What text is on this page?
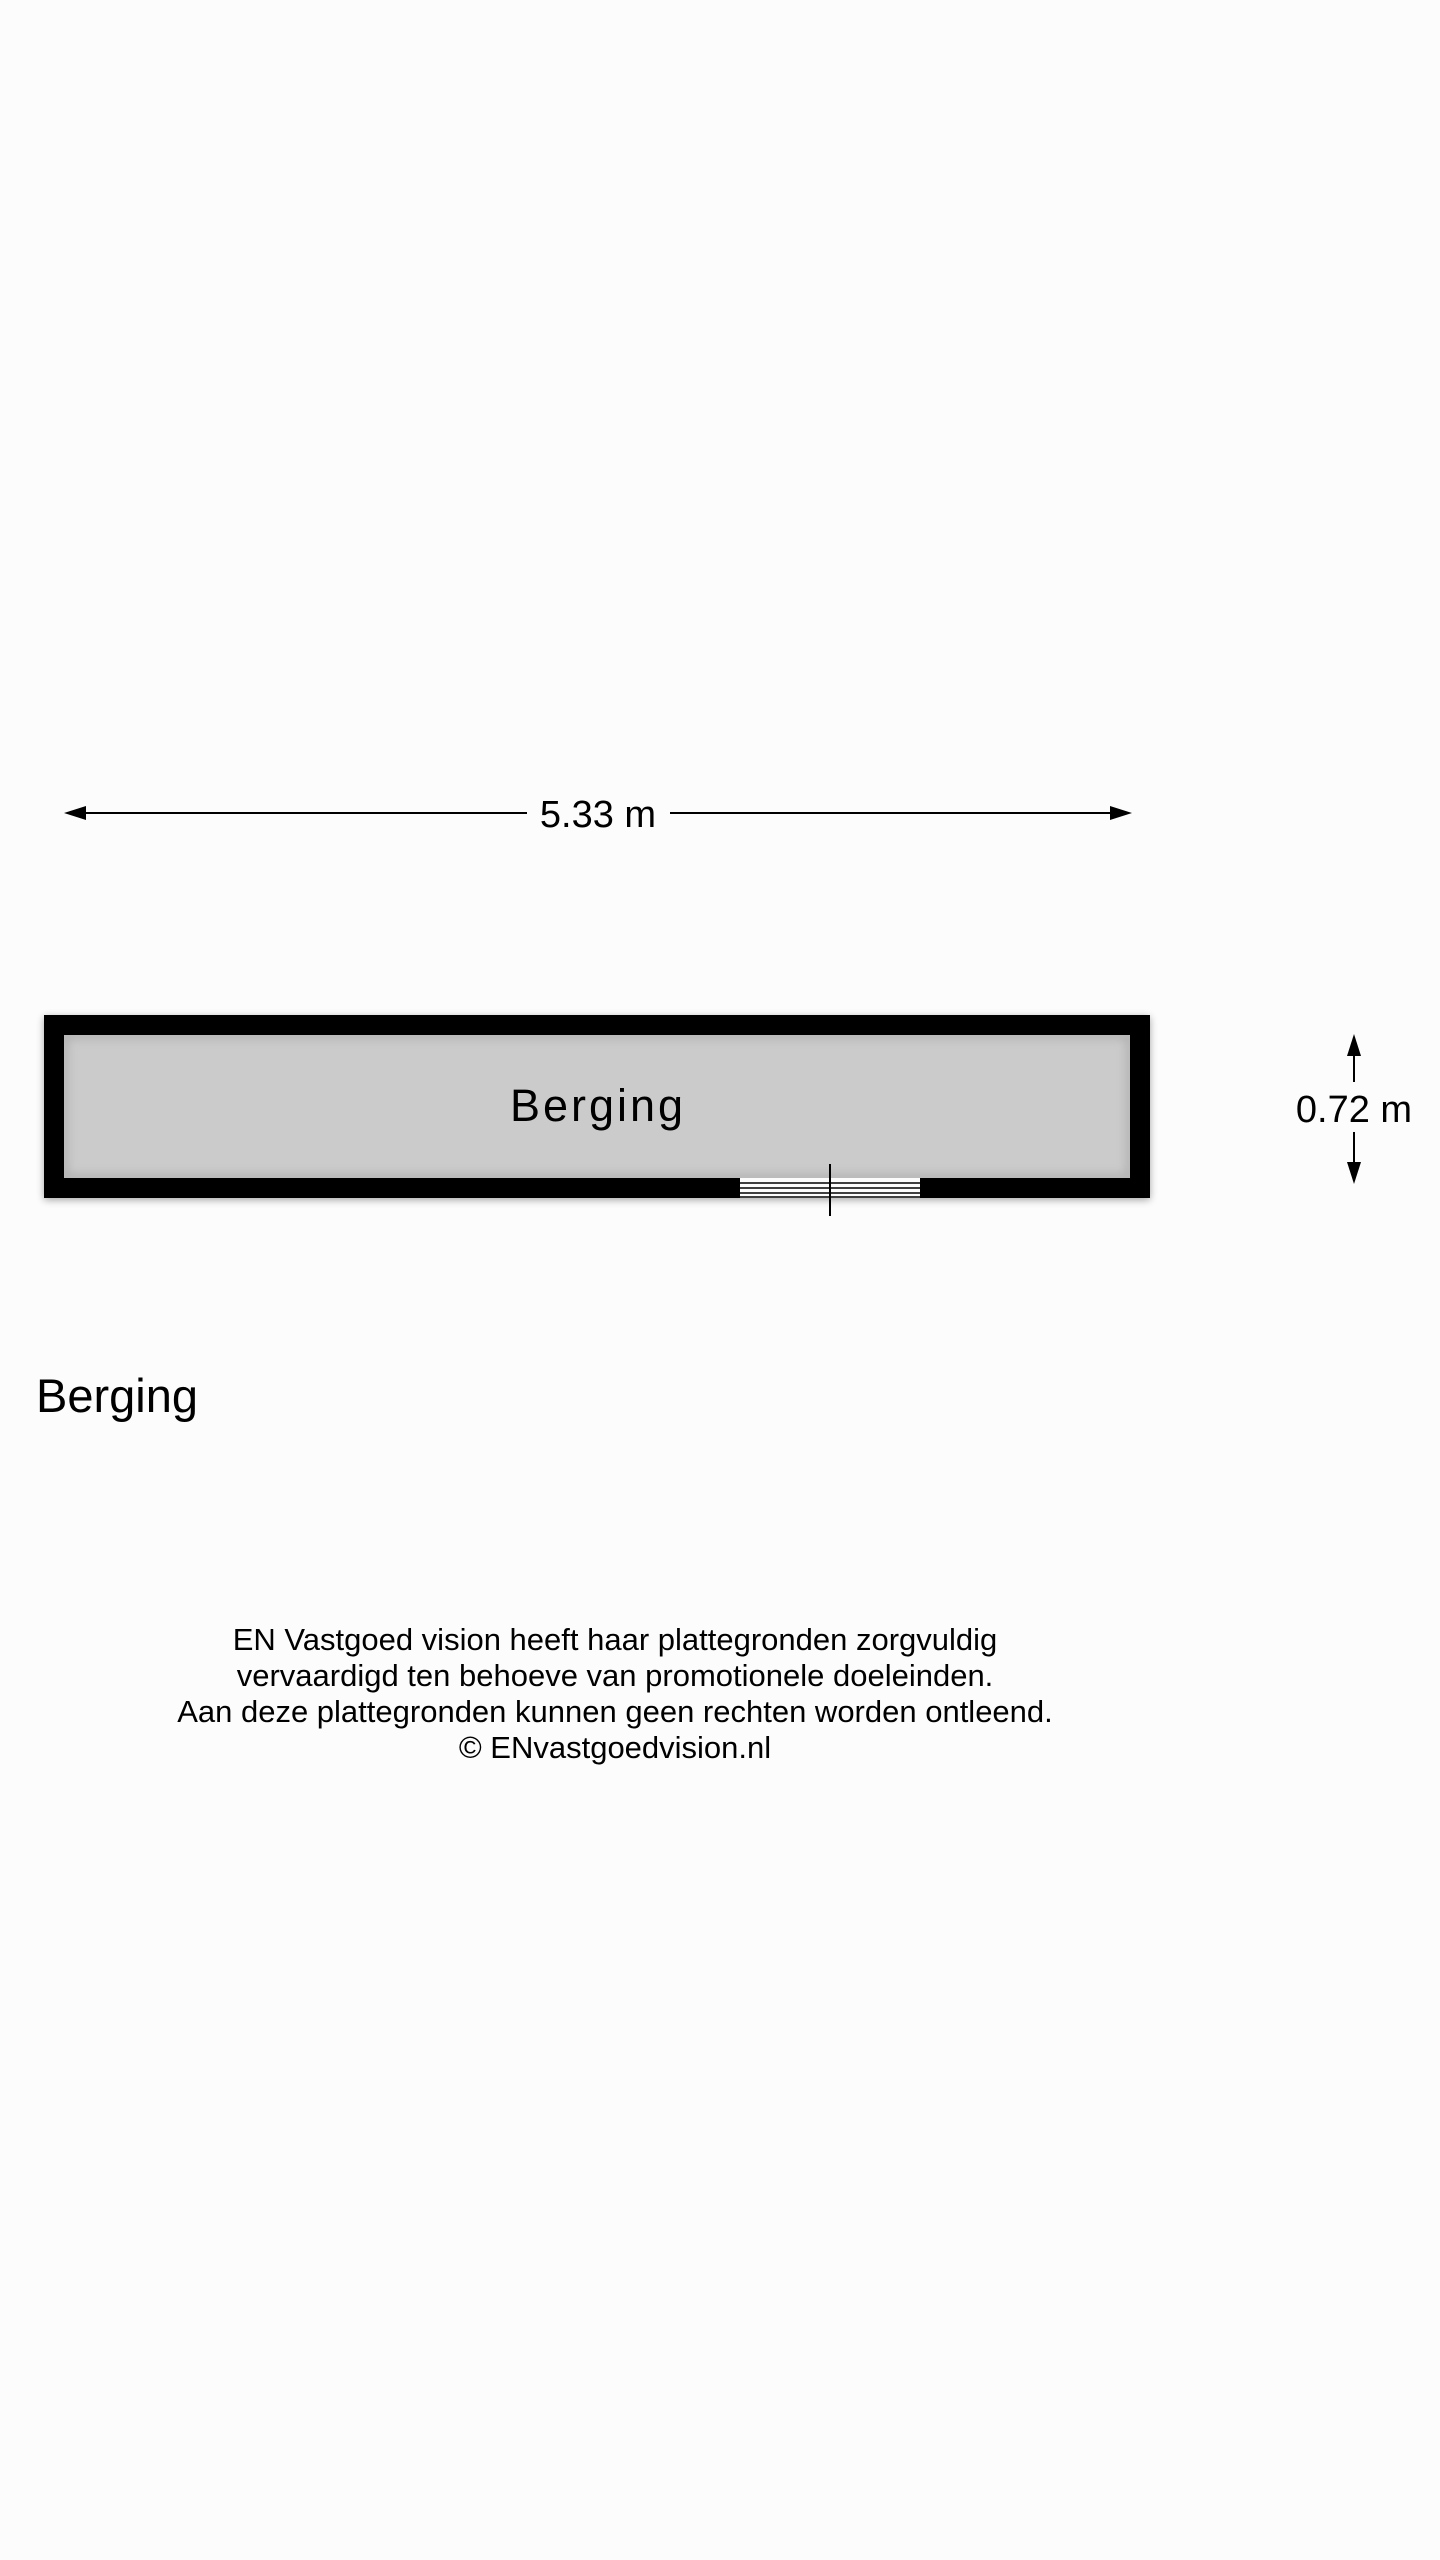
5.33 m
Berging	0.72 m
Berging
EN Vastgoed vision heeft haar plattegronden zorgvuldig
vervaardigd ten behoeve van promotionele doeleinden.
Aan deze plattegronden kunnen geen rechten worden ontleend.
© ENvastgoedvision.nl
